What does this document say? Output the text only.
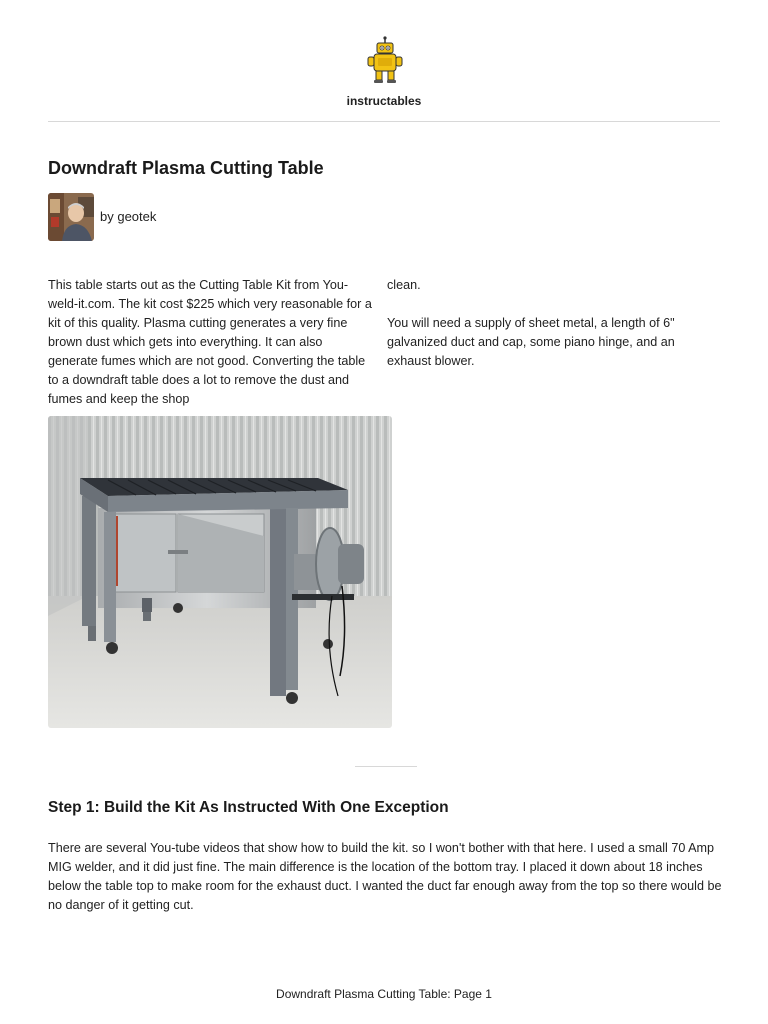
instructables
Downdraft Plasma Cutting Table
by geotek
This table starts out as the Cutting Table Kit from You-weld-it.com. The kit cost $225 which very reasonable for a kit of this quality. Plasma cutting generates a very fine brown dust which gets into everything. It can also generate fumes which are not good. Converting the table to a downdraft table does a lot to remove the dust and fumes and keep the shop

clean.

You will need a supply of sheet metal, a length of 6" galvanized duct and cap, some piano hinge, and an exhaust blower.

Step 1: Build the Kit As Instructed With One Exception
There are several You-tube videos that show how to build the kit. so I won't bother with that here. I used a small 70 Amp MIG welder, and it did just fine. The main difference is the location of the bottom tray. I placed it down about 18 inches below the table top to make room for the exhaust duct. I wanted the duct far enough away from the top so there would be no danger of it getting cut.
Downdraft Plasma Cutting Table: Page 1
